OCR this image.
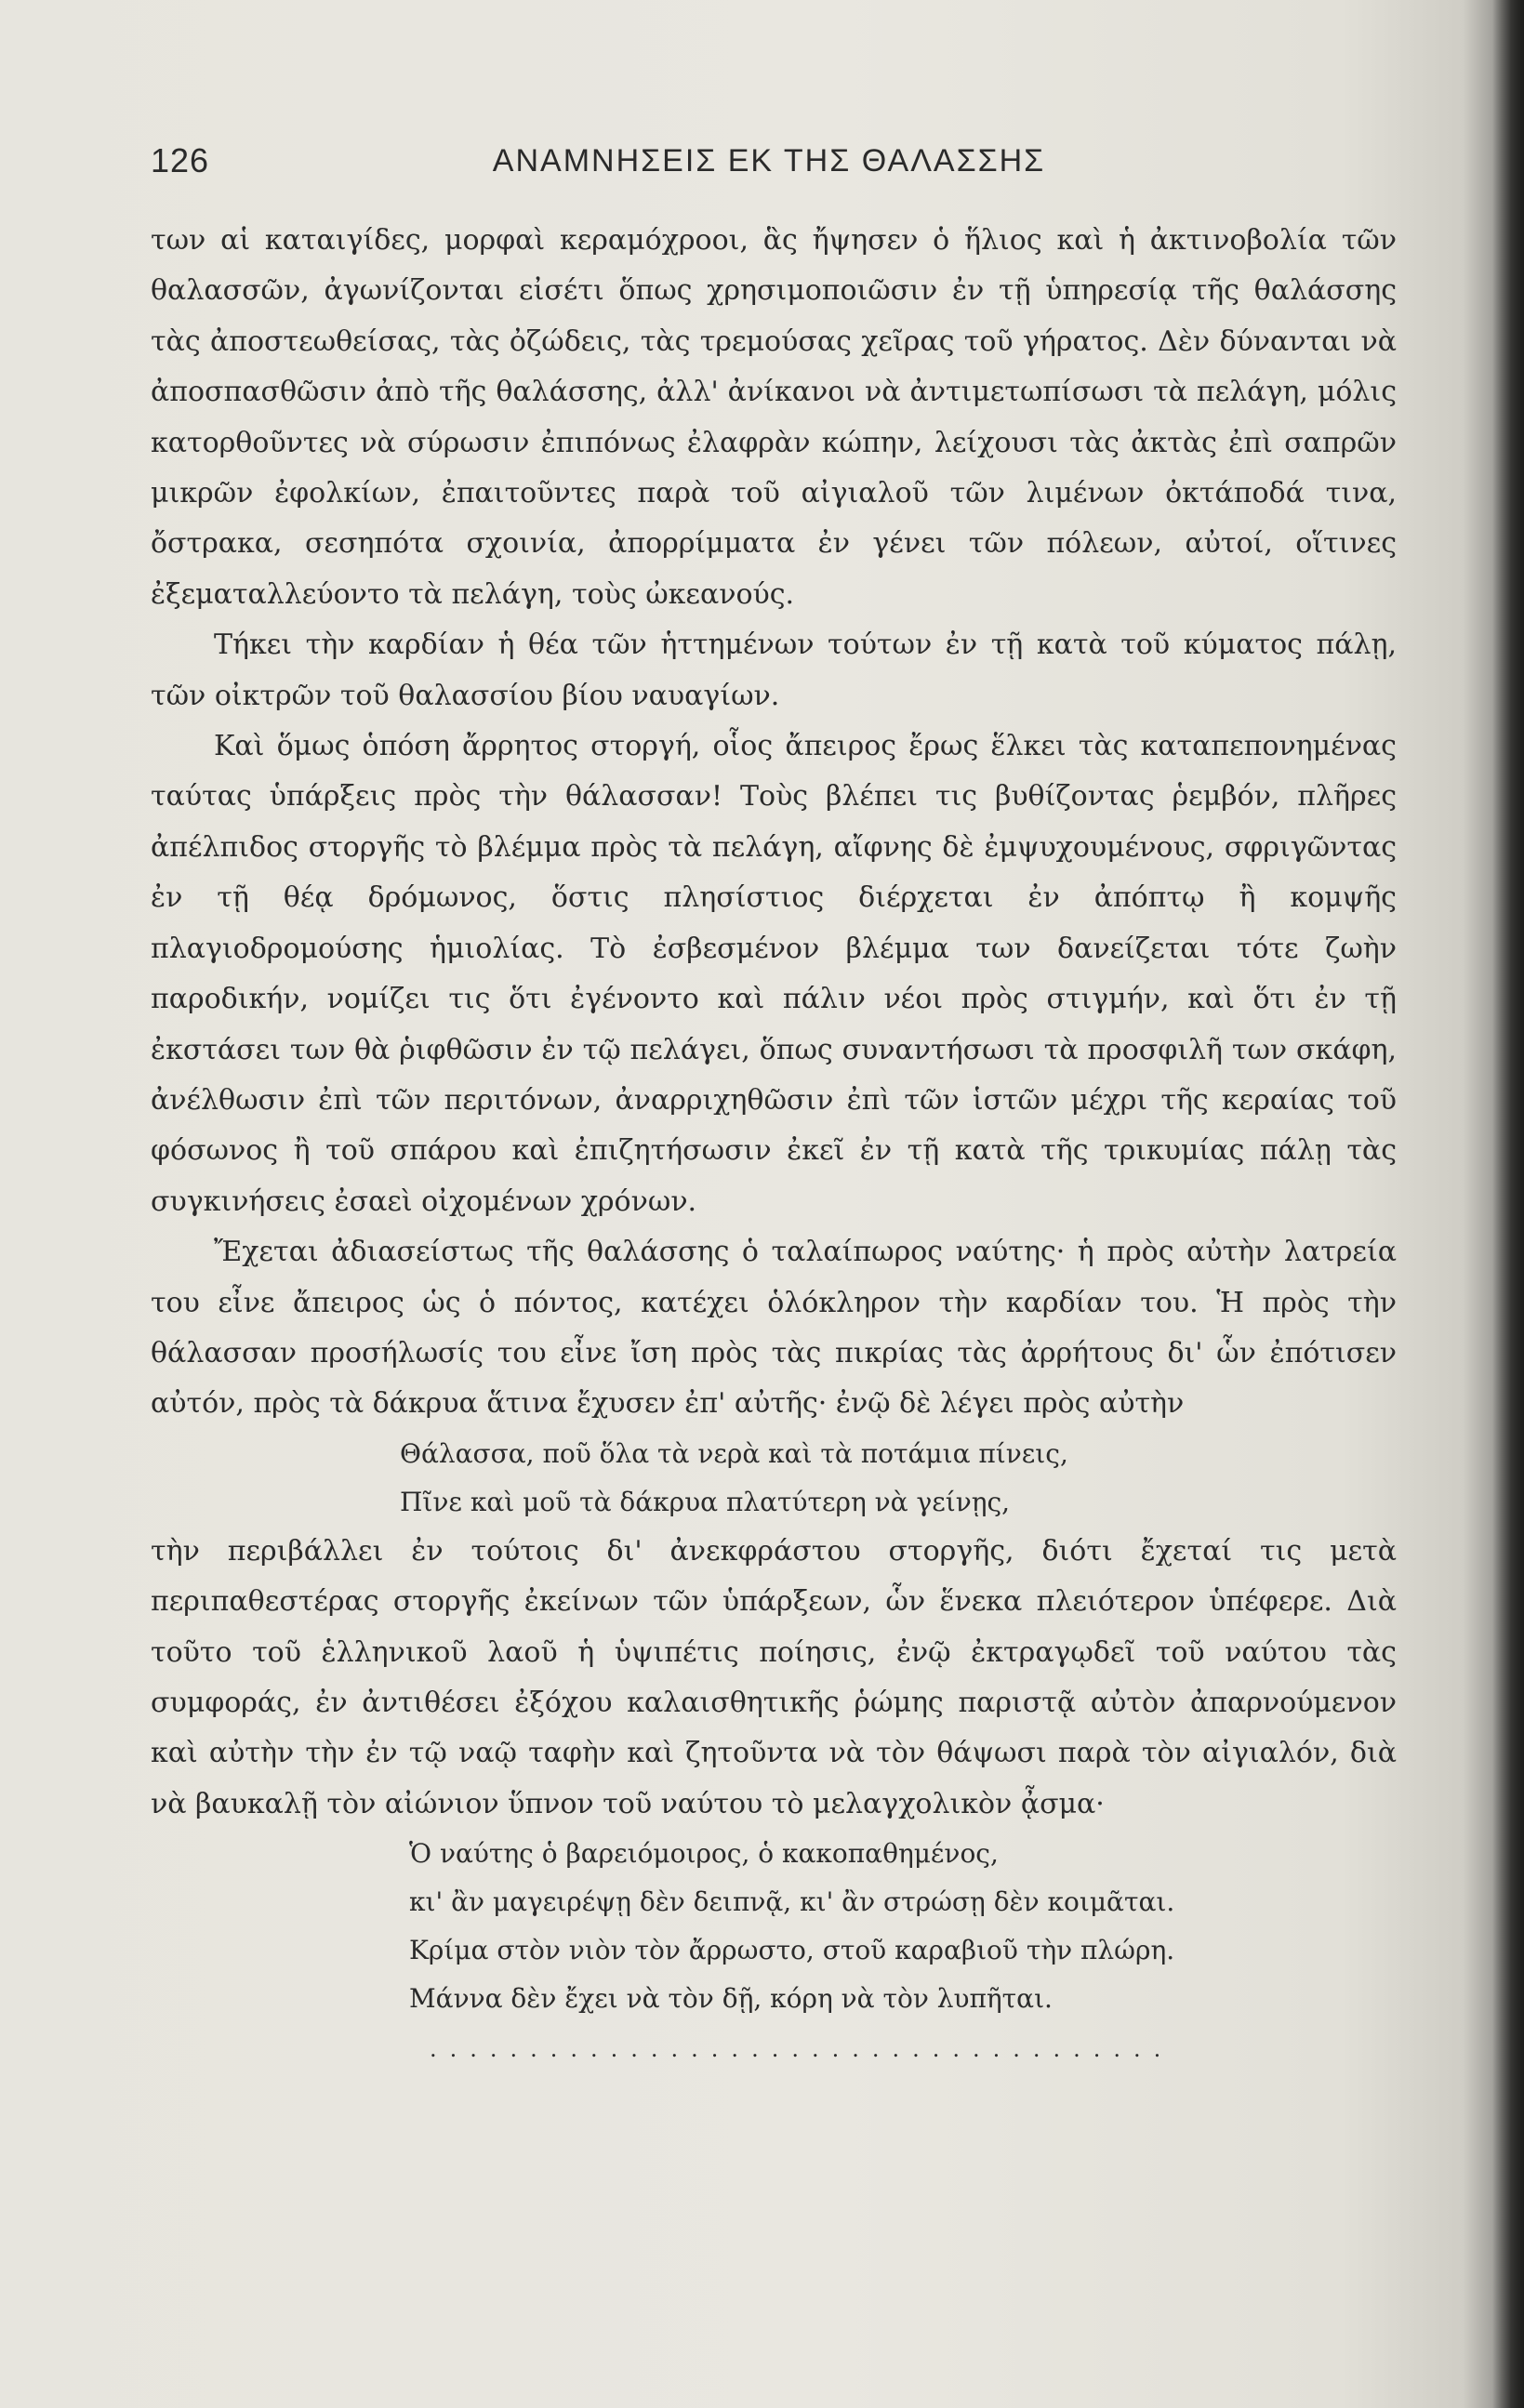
126	ΑΝΑΜΝΗΣΕΙΣ ΕΚ ΤΗΣ ΘΑΛΑΣΣΗΣ

των αἱ καταιγίδες, μορφαὶ κεραμόχροοι, ἃς ἤψησεν ὁ ἥλιος καὶ ἡ ἀκτινοβολία τῶν θαλασσῶν, ἀγωνίζονται εἰσέτι ὅπως χρησιμοποιῶσιν ἐν τῇ ὑπηρεσίᾳ τῆς θαλάσσης τὰς ἀποστεωθείσας, τὰς ὀζώδεις, τὰς τρεμούσας χεῖρας τοῦ γήρατος. Δὲν δύνανται νὰ ἀποσπασθῶσιν ἀπὸ τῆς θαλάσσης, ἀλλ' ἀνίκανοι νὰ ἀντιμετωπίσωσι τὰ πελάγη, μόλις κατορθοῦντες νὰ σύρωσιν ἐπιπόνως ἐλαφρὰν κώπην, λείχουσι τὰς ἀκτὰς ἐπὶ σαπρῶν μικρῶν ἐφολκίων, ἐπαιτοῦντες παρὰ τοῦ αἰγιαλοῦ τῶν λιμένων ὀκτάποδά τινα, ὄστρακα, σεσηπότα σχοινία, ἀπορρίμματα ἐν γένει τῶν πόλεων, αὐτοί, οἵτινες ἐξεματαλλεύοντο τὰ πελάγη, τοὺς ὠκεανούς.

Τήκει τὴν καρδίαν ἡ θέα τῶν ἡττημένων τούτων ἐν τῇ κατὰ τοῦ κύματος πάλῃ, τῶν οἰκτρῶν τοῦ θαλασσίου βίου ναυαγίων.

Καὶ ὅμως ὁπόση ἄρρητος στοργή, οἷος ἄπειρος ἔρως ἕλκει τὰς καταπεπονημένας ταύτας ὑπάρξεις πρὸς τὴν θάλασσαν! Τοὺς βλέπει τις βυθίζοντας ῥεμβόν, πλῆρες ἀπέλπιδος στοργῆς τὸ βλέμμα πρὸς τὰ πελάγη, αἴφνης δὲ ἐμψυχουμένους, σφριγῶντας ἐν τῇ θέᾳ δρόμωνος, ὅστις πλησίστιος διέρχεται ἐν ἀπόπτῳ ἢ κομψῆς πλαγιοδρομούσης ἡμιολίας. Τὸ ἐσβεσμένον βλέμμα των δανείζεται τότε ζωὴν παροδικήν, νομίζει τις ὅτι ἐγένοντο καὶ πάλιν νέοι πρὸς στιγμήν, καὶ ὅτι ἐν τῇ ἐκστάσει των θὰ ῥιφθῶσιν ἐν τῷ πελάγει, ὅπως συναντήσωσι τὰ προσφιλῆ των σκάφη, ἀνέλθωσιν ἐπὶ τῶν περιτόνων, ἀναρριχηθῶσιν ἐπὶ τῶν ἱστῶν μέχρι τῆς κεραίας τοῦ φόσωνος ἢ τοῦ σπάρου καὶ ἐπιζητήσωσιν ἐκεῖ ἐν τῇ κατὰ τῆς τρικυμίας πάλῃ τὰς συγκινήσεις ἐσαεὶ οἰχομένων χρόνων.

Ἔχεται ἀδιασείστως τῆς θαλάσσης ὁ ταλαίπωρος ναύτης· ἡ πρὸς αὐτὴν λατρεία του εἶνε ἄπειρος ὡς ὁ πόντος, κατέχει ὁλόκληρον τὴν καρδίαν του. Ἡ πρὸς τὴν θάλασσαν προσήλωσίς του εἶνε ἴση πρὸς τὰς πικρίας τὰς ἀρρήτους δι' ὧν ἐπότισεν αὐτόν, πρὸς τὰ δάκρυα ἅτινα ἔχυσεν ἐπ' αὐτῆς· ἐνῷ δὲ λέγει πρὸς αὐτὴν

Θάλασσα, ποῦ ὅλα τὰ νερὰ καὶ τὰ ποτάμια πίνεις,
Πῖνε καὶ μοῦ τὰ δάκρυα πλατύτερη νὰ γείνῃς,

τὴν περιβάλλει ἐν τούτοις δι' ἀνεκφράστου στοργῆς, διότι ἔχεταί τις μετὰ περιπαθεστέρας στοργῆς ἐκείνων τῶν ὑπάρξεων, ὧν ἕνεκα πλειότερον ὑπέφερε. Διὰ τοῦτο τοῦ ἑλληνικοῦ λαοῦ ἡ ὑψιπέτις ποίησις, ἐνῷ ἐκτραγῳδεῖ τοῦ ναύτου τὰς συμφοράς, ἐν ἀντιθέσει ἐξόχου καλαισθητικῆς ῥώμης παριστᾷ αὐτὸν ἀπαρνούμενον καὶ αὐτὴν τὴν ἐν τῷ ναῷ ταφὴν καὶ ζητοῦντα νὰ τὸν θάψωσι παρὰ τὸν αἰγιαλόν, διὰ νὰ βαυκαλῇ τὸν αἰώνιον ὕπνον τοῦ ναύτου τὸ μελαγχολικὸν ᾆσμα·

Ὁ ναύτης ὁ βαρειόμοιρος, ὁ κακοπαθημένος,
κι' ἂν μαγειρέψῃ δὲν δειπνᾷ, κι' ἂν στρώσῃ δὲν κοιμᾶται.
Κρίμα στὸν νιὸν τὸν ἄρρωστο, στοῦ καραβιοῦ τὴν πλώρη.
Μάννα δὲν ἔχει νὰ τὸν δῇ, κόρη νὰ τὸν λυπῆται.
.....................................
